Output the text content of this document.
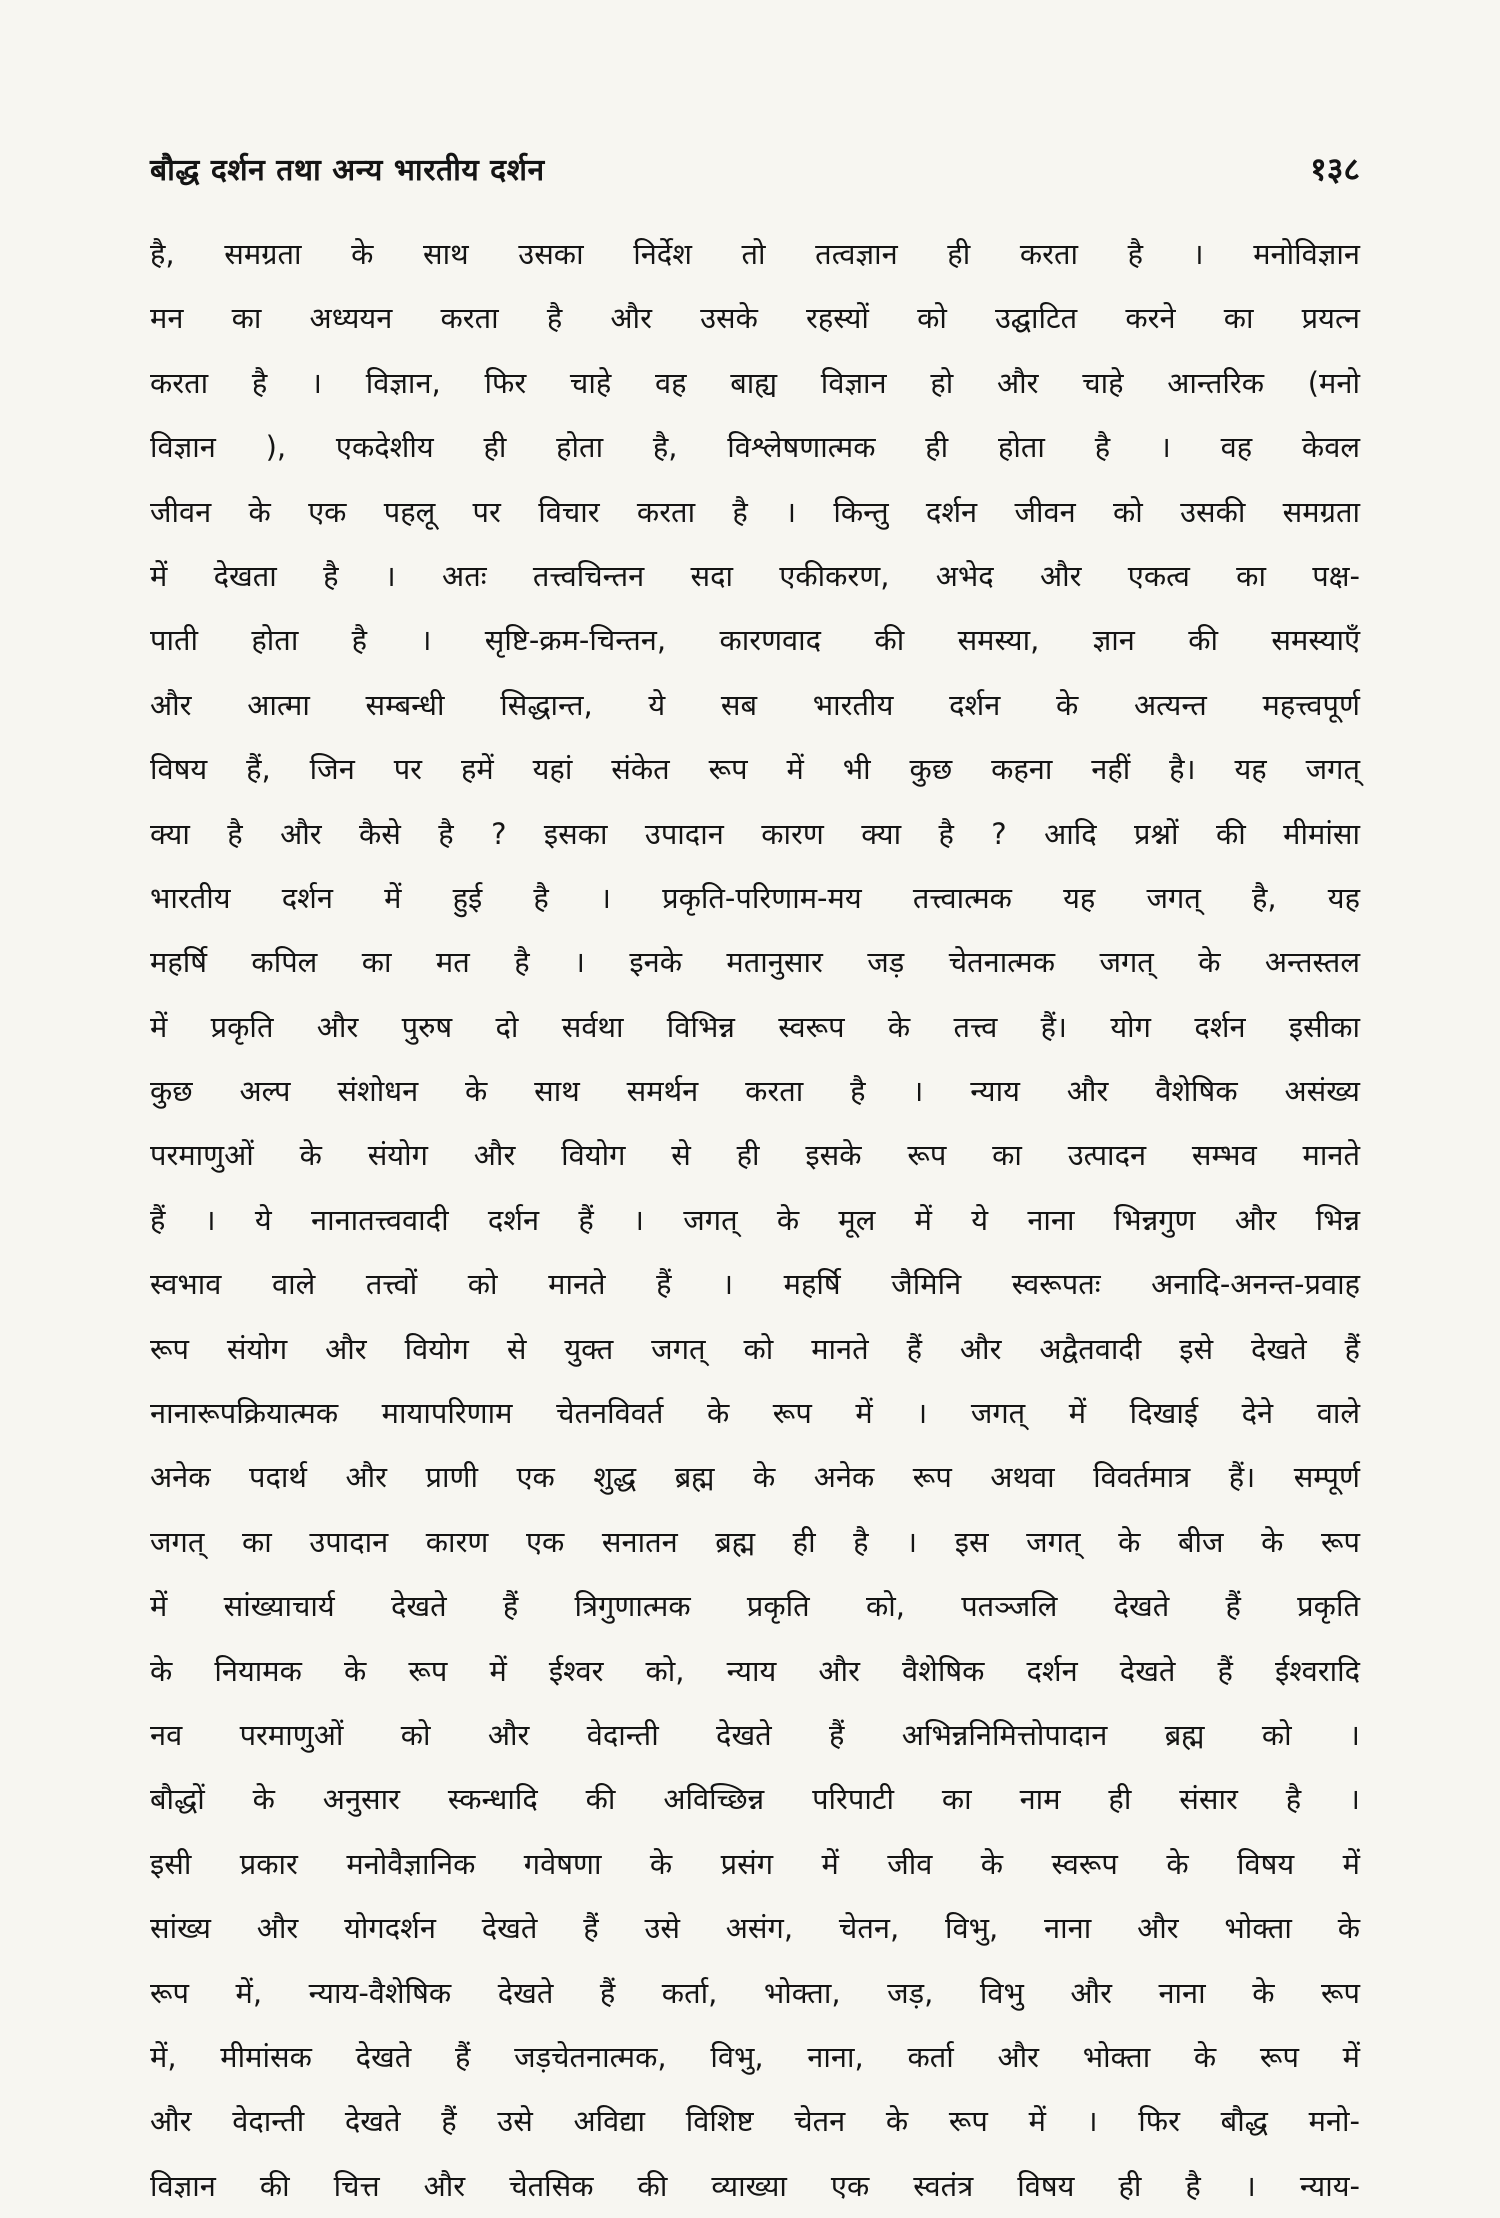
बौद्ध दर्शन तथा अन्य भारतीय दर्शन	१३८
है, समग्रता के साथ उसका निर्देश तो तत्वज्ञान ही करता है । मनोविज्ञान
मन का अध्ययन करता है और उसके रहस्यों को उद्घाटित करने का प्रयत्न
करता है । विज्ञान, फिर चाहे वह बाह्य विज्ञान हो और चाहे आन्तरिक (मनो
विज्ञान ), एकदेशीय ही होता है, विश्लेषणात्मक ही होता है । वह केवल
जीवन के एक पहलू पर विचार करता है । किन्तु दर्शन जीवन को उसकी समग्रता
में देखता है । अतः तत्त्वचिन्तन सदा एकीकरण, अभेद और एकत्व का पक्ष-
पाती होता है । सृष्टि-क्रम-चिन्तन, कारणवाद की समस्या, ज्ञान की समस्याएँ
और आत्मा सम्बन्धी सिद्धान्त, ये सब भारतीय दर्शन के अत्यन्त महत्त्वपूर्ण
विषय हैं, जिन पर हमें यहां संकेत रूप में भी कुछ कहना नहीं है। यह जगत्
क्या है और कैसे है ? इसका उपादान कारण क्या है ? आदि प्रश्नों की मीमांसा
भारतीय दर्शन में हुई है । प्रकृति-परिणाम-मय तत्त्वात्मक यह जगत् है, यह
महर्षि कपिल का मत है । इनके मतानुसार जड़ चेतनात्मक जगत् के अन्तस्तल
में प्रकृति और पुरुष दो सर्वथा विभिन्न स्वरूप के तत्त्व हैं। योग दर्शन इसीका
कुछ अल्प संशोधन के साथ समर्थन करता है । न्याय और वैशेषिक असंख्य
परमाणुओं के संयोग और वियोग से ही इसके रूप का उत्पादन सम्भव मानते
हैं । ये नानातत्त्ववादी दर्शन हैं । जगत् के मूल में ये नाना भिन्नगुण और भिन्न
स्वभाव वाले तत्त्वों को मानते हैं । महर्षि जैमिनि स्वरूपतः अनादि-अनन्त-प्रवाह
रूप संयोग और वियोग से युक्त जगत् को मानते हैं और अद्वैतवादी इसे देखते हैं
नानारूपक्रियात्मक मायापरिणाम चेतनविवर्त के रूप में । जगत् में दिखाई देने वाले
अनेक पदार्थ और प्राणी एक शुद्ध ब्रह्म के अनेक रूप अथवा विवर्तमात्र हैं। सम्पूर्ण
जगत् का उपादान कारण एक सनातन ब्रह्म ही है । इस जगत् के बीज के रूप
में सांख्याचार्य देखते हैं त्रिगुणात्मक प्रकृति को, पतञ्जलि देखते हैं प्रकृति
के नियामक के रूप में ईश्वर को, न्याय और वैशेषिक दर्शन देखते हैं ईश्वरादि
नव परमाणुओं को और वेदान्ती देखते हैं अभिन्ननिमित्तोपादान ब्रह्म को ।
बौद्धों के अनुसार स्कन्धादि की अविच्छिन्न परिपाटी का नाम ही संसार है ।
इसी प्रकार मनोवैज्ञानिक गवेषणा के प्रसंग में जीव के स्वरूप के विषय में
सांख्य और योगदर्शन देखते हैं उसे असंग, चेतन, विभु, नाना और भोक्ता के
रूप में, न्याय-वैशेषिक देखते हैं कर्ता, भोक्ता, जड़, विभु और नाना के रूप
में, मीमांसक देखते हैं जड़चेतनात्मक, विभु, नाना, कर्ता और भोक्ता के रूप में
और वेदान्ती देखते हैं उसे अविद्या विशिष्ट चेतन के रूप में । फिर बौद्ध मनो-
विज्ञान की चित्त और चेतसिक की व्याख्या एक स्वतंत्र विषय ही है । न्याय-
